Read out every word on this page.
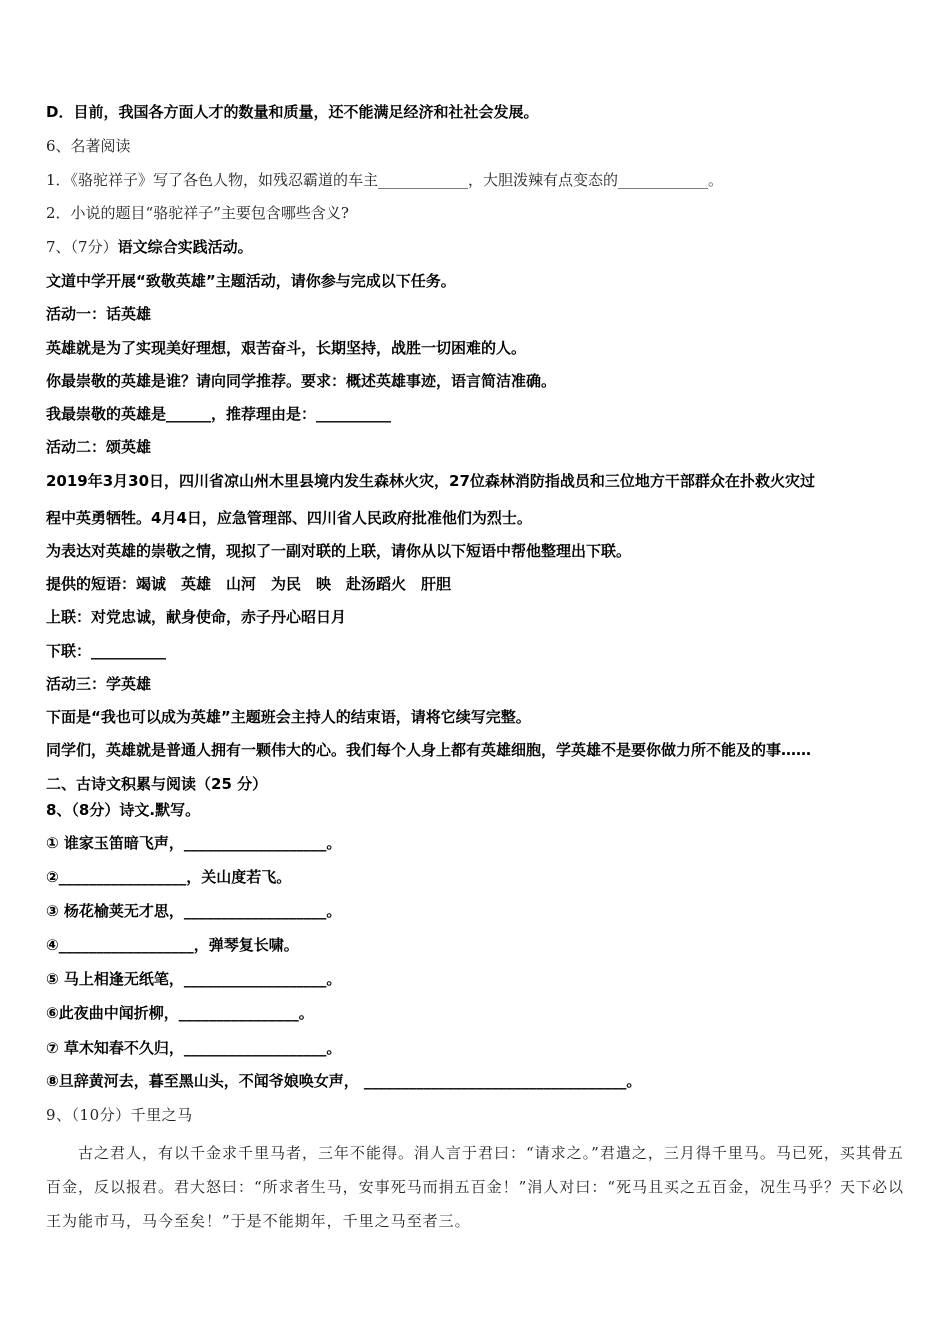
D．目前，我国各方面人才的数量和质量，还不能满足经济和社社会发展。
6、名著阅读
1．《骆驼祥子》写了各色人物，如残忍霸道的车主____________，大胆泼辣有点变态的____________。
2．小说的题目“骆驼祥子”主要包含哪些含义?
7、（7分）语文综合实践活动。
文道中学开展“致敬英雄”主题活动，请你参与完成以下任务。
活动一：话英雄
英雄就是为了实现美好理想，艰苦奋斗，长期坚持，战胜一切困难的人。
你最崇敬的英雄是谁？请向同学推荐。要求：概述英雄事迹，语言简洁准确。
我最崇敬的英雄是______，推荐理由是：__________
活动二：颂英雄
2019年3月30日，四川省凉山州木里县境内发生森林火灾，27位森林消防指战员和三位地方干部群众在扑救火灾过
程中英勇牺牲。4月4日，应急管理部、四川省人民政府批准他们为烈士。
为表达对英雄的崇敬之情，现拟了一副对联的上联，请你从以下短语中帮他整理出下联。
提供的短语：竭诚　英雄　山河　为民　映　赴汤蹈火　肝胆
上联：对党忠诚，献身使命，赤子丹心昭日月
下联：__________
活动三：学英雄
下面是“我也可以成为英雄”主题班会主持人的结束语，请将它续写完整。
同学们，英雄就是普通人拥有一颗伟大的心。我们每个人身上都有英雄细胞，学英雄不是要你做力所不能及的事……
二、古诗文积累与阅读（25 分）
8、（8分）诗文.默写。
① 谁家玉笛暗飞声，___________________。
②_________________，关山度若飞。
③ 杨花榆荚无才思，___________________。
④__________________，弹琴复长啸。
⑤ 马上相逢无纸笔，___________________。
⑥此夜曲中闻折柳，________________。
⑦ 草木知春不久归，___________________。
⑧旦辞黄河去，暮至黑山头，不闻爷娘唤女声， ___________________________________。
9、（10分）千里之马
古之君人，有以千金求千里马者，三年不能得。涓人言于君曰：“请求之。”君遣之，三月得千里马。马已死，买其骨五百金，反以报君。君大怒曰：“所求者生马，安事死马而捐五百金！”涓人对曰：“死马且买之五百金，况生马乎？天下必以王为能市马，马今至矣！”于是不能期年，千里之马至者三。
